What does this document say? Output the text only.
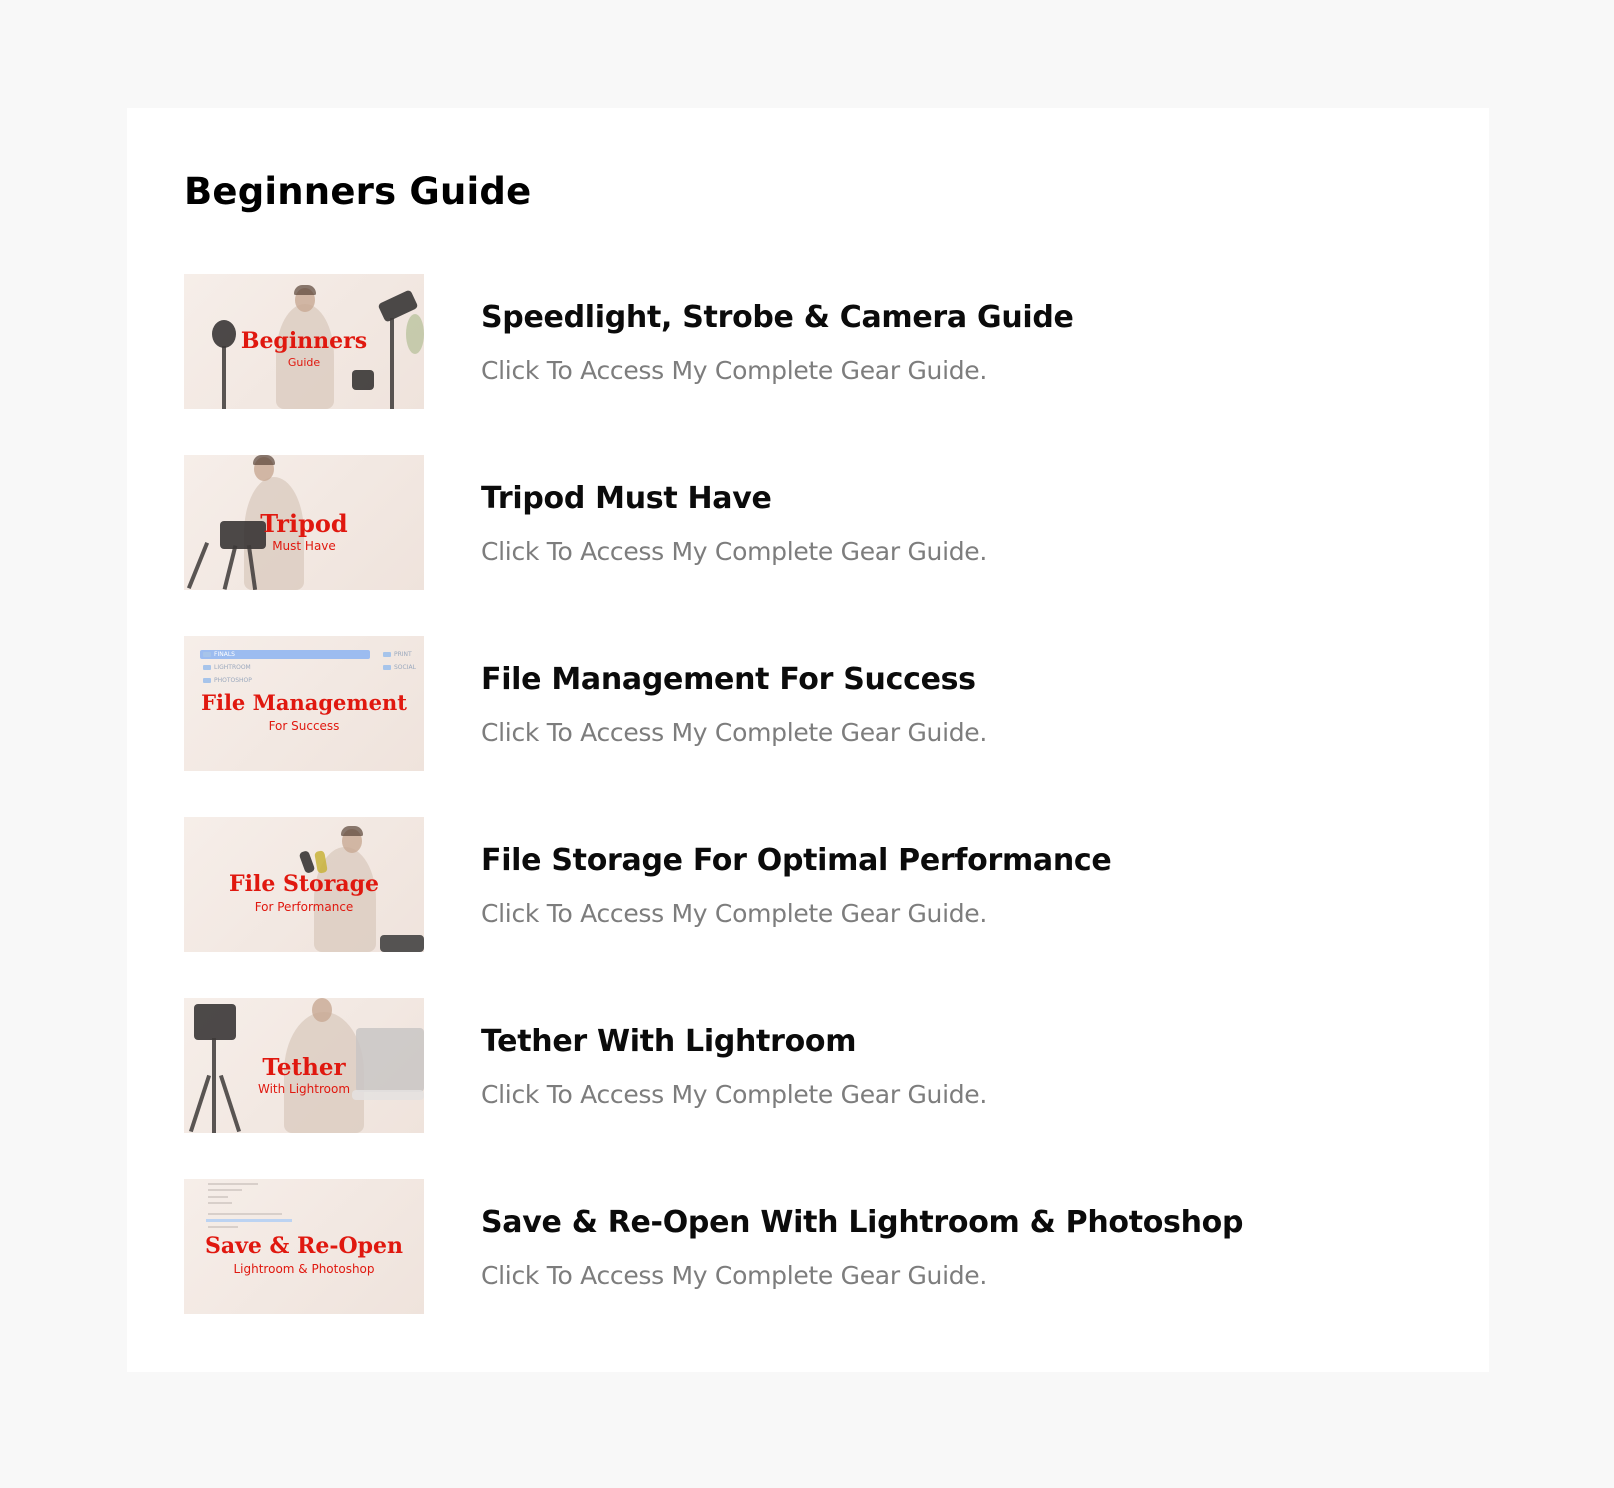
Beginners Guide
Beginners
Guide
Speedlight, Strobe & Camera Guide

Click To Access My Complete Gear Guide.

Tripod
Must Have
Tripod Must Have

Click To Access My Complete Gear Guide.

FINALS
LIGHTROOM
PHOTOSHOP
PRINT
SOCIAL
File Management
For Success
File Management For Success

Click To Access My Complete Gear Guide.

File Storage
For Performance
File Storage For Optimal Performance

Click To Access My Complete Gear Guide.

Tether
With Lightroom
Tether With Lightroom

Click To Access My Complete Gear Guide.

Save & Re-Open
Lightroom & Photoshop
Save & Re-Open With Lightroom & Photoshop

Click To Access My Complete Gear Guide.
